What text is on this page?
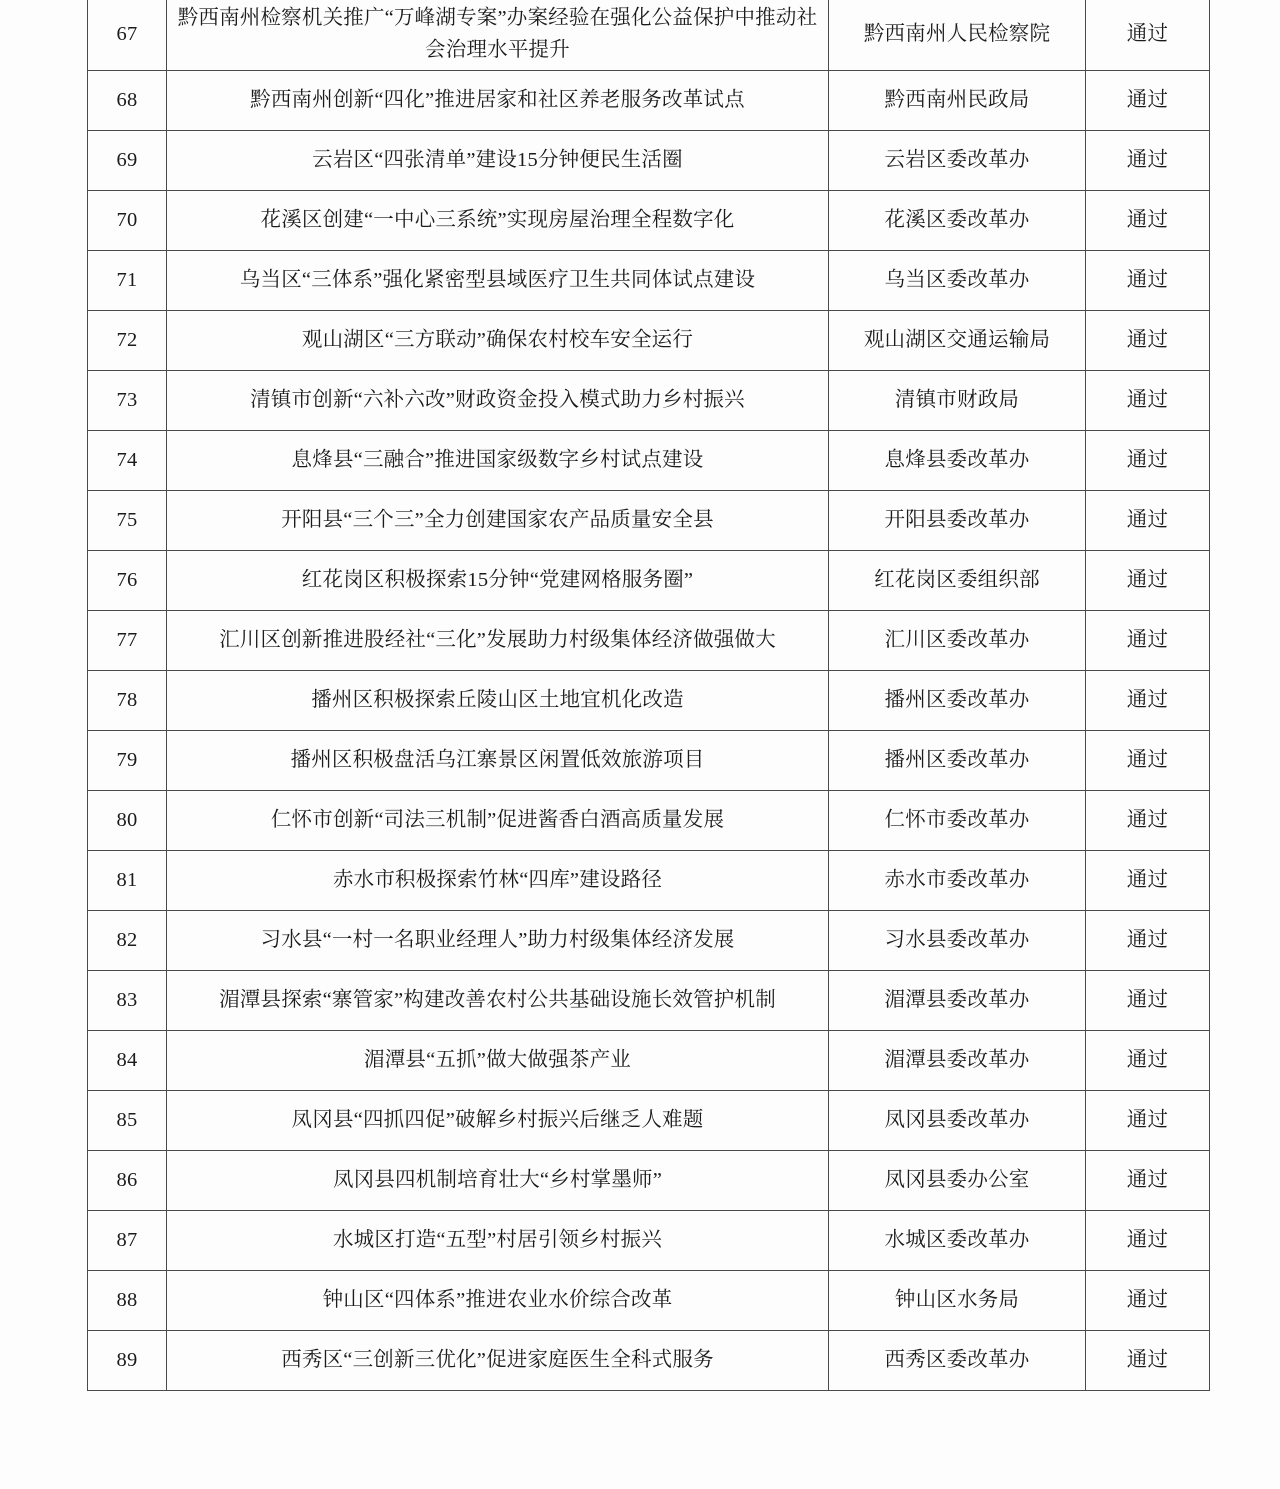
67	黔西南州检察机关推广“万峰湖专案”办案经验在强化公益保护中推动社会治理水平提升	黔西南州人民检察院	通过
68	黔西南州创新“四化”推进居家和社区养老服务改革试点	黔西南州民政局	通过
69	云岩区“四张清单”建设15分钟便民生活圈	云岩区委改革办	通过
70	花溪区创建“一中心三系统”实现房屋治理全程数字化	花溪区委改革办	通过
71	乌当区“三体系”强化紧密型县域医疗卫生共同体试点建设	乌当区委改革办	通过
72	观山湖区“三方联动”确保农村校车安全运行	观山湖区交通运输局	通过
73	清镇市创新“六补六改”财政资金投入模式助力乡村振兴	清镇市财政局	通过
74	息烽县“三融合”推进国家级数字乡村试点建设	息烽县委改革办	通过
75	开阳县“三个三”全力创建国家农产品质量安全县	开阳县委改革办	通过
76	红花岗区积极探索15分钟“党建网格服务圈”	红花岗区委组织部	通过
77	汇川区创新推进股经社“三化”发展助力村级集体经济做强做大	汇川区委改革办	通过
78	播州区积极探索丘陵山区土地宜机化改造	播州区委改革办	通过
79	播州区积极盘活乌江寨景区闲置低效旅游项目	播州区委改革办	通过
80	仁怀市创新“司法三机制”促进酱香白酒高质量发展	仁怀市委改革办	通过
81	赤水市积极探索竹林“四库”建设路径	赤水市委改革办	通过
82	习水县“一村一名职业经理人”助力村级集体经济发展	习水县委改革办	通过
83	湄潭县探索“寨管家”构建改善农村公共基础设施长效管护机制	湄潭县委改革办	通过
84	湄潭县“五抓”做大做强茶产业	湄潭县委改革办	通过
85	凤冈县“四抓四促”破解乡村振兴后继乏人难题	凤冈县委改革办	通过
86	凤冈县四机制培育壮大“乡村掌墨师”	凤冈县委办公室	通过
87	水城区打造“五型”村居引领乡村振兴	水城区委改革办	通过
88	钟山区“四体系”推进农业水价综合改革	钟山区水务局	通过
89	西秀区“三创新三优化”促进家庭医生全科式服务	西秀区委改革办	通过
